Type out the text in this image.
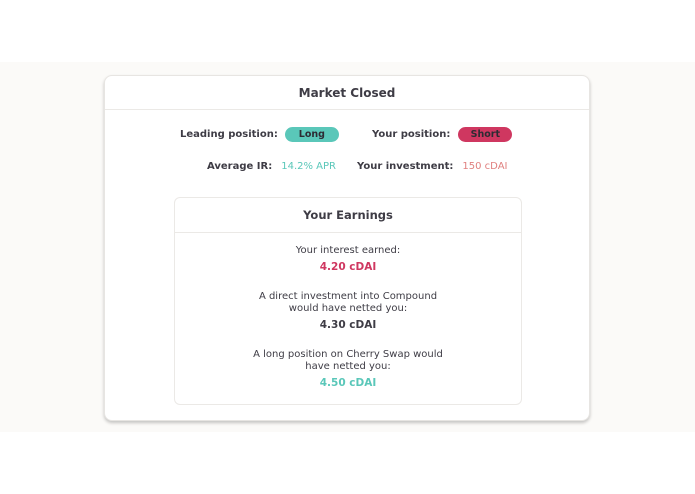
Market Closed
Leading position:	Long	Your position:	Short
Average IR: 14.2% APR Your investment: 150 cDAI
Your Earnings
Your interest earned:
4.20 cDAI
A direct investment into Compound
would have netted you:
4.30 cDAI
A long position on Cherry Swap would
have netted you:
4.50 cDAI
